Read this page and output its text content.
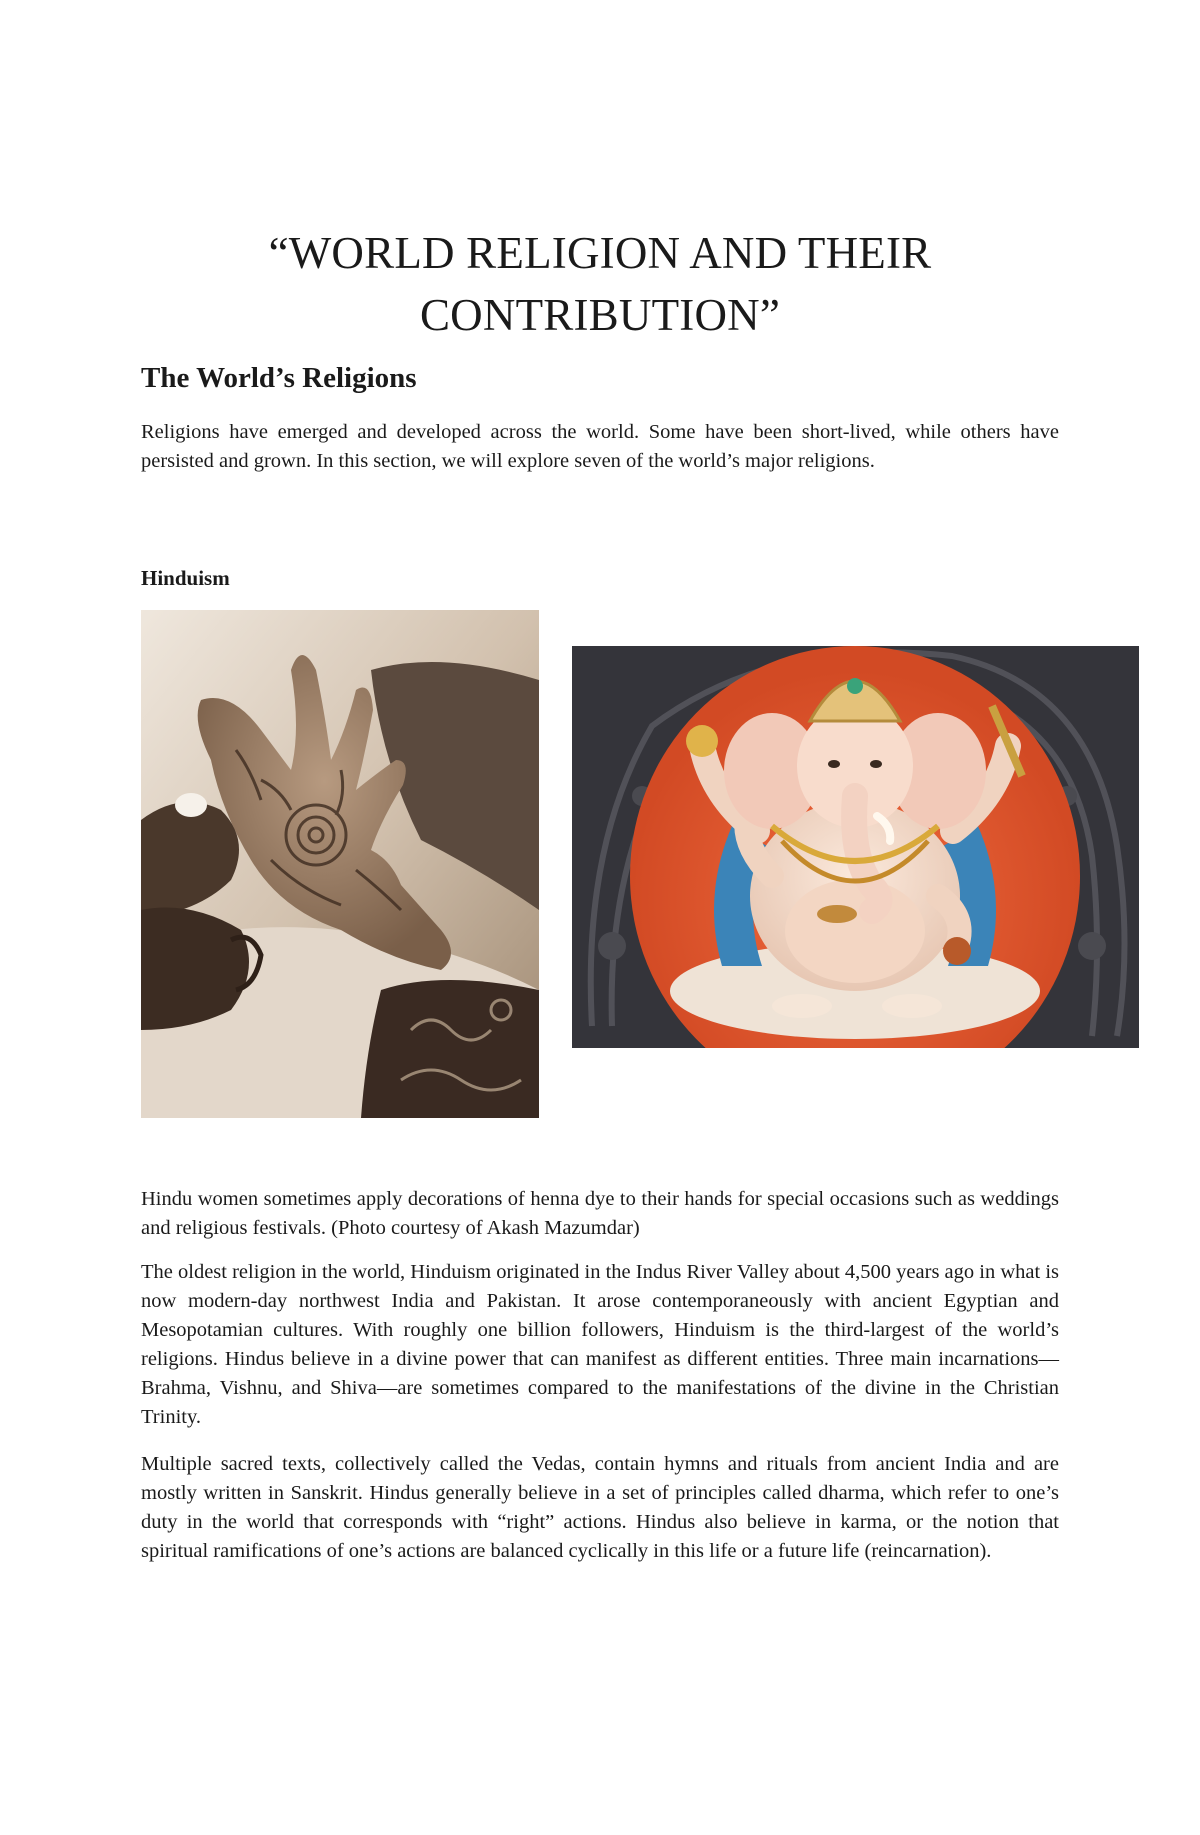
“WORLD RELIGION AND THEIR
CONTRIBUTION”
The World’s Religions

Religions have emerged and developed across the world. Some have been short-lived, while others have persisted and grown. In this section, we will explore seven of the world’s major religions.

Hinduism

Hindu women sometimes apply decorations of henna dye to their hands for special occasions such as weddings and religious festivals. (Photo courtesy of Akash Mazumdar)

The oldest religion in the world, Hinduism originated in the Indus River Valley about 4,500 years ago in what is now modern-day northwest India and Pakistan. It arose contemporaneously with ancient Egyptian and Mesopotamian cultures. With roughly one billion followers, Hinduism is the third-largest of the world’s religions. Hindus believe in a divine power that can manifest as different entities. Three main incarnations—Brahma, Vishnu, and Shiva—are sometimes compared to the manifestations of the divine in the Christian Trinity.

Multiple sacred texts, collectively called the Vedas, contain hymns and rituals from ancient India and are mostly written in Sanskrit. Hindus generally believe in a set of principles called dharma, which refer to one’s duty in the world that corresponds with “right” actions. Hindus also believe in karma, or the notion that spiritual ramifications of one’s actions are balanced cyclically in this life or a future life (reincarnation).
